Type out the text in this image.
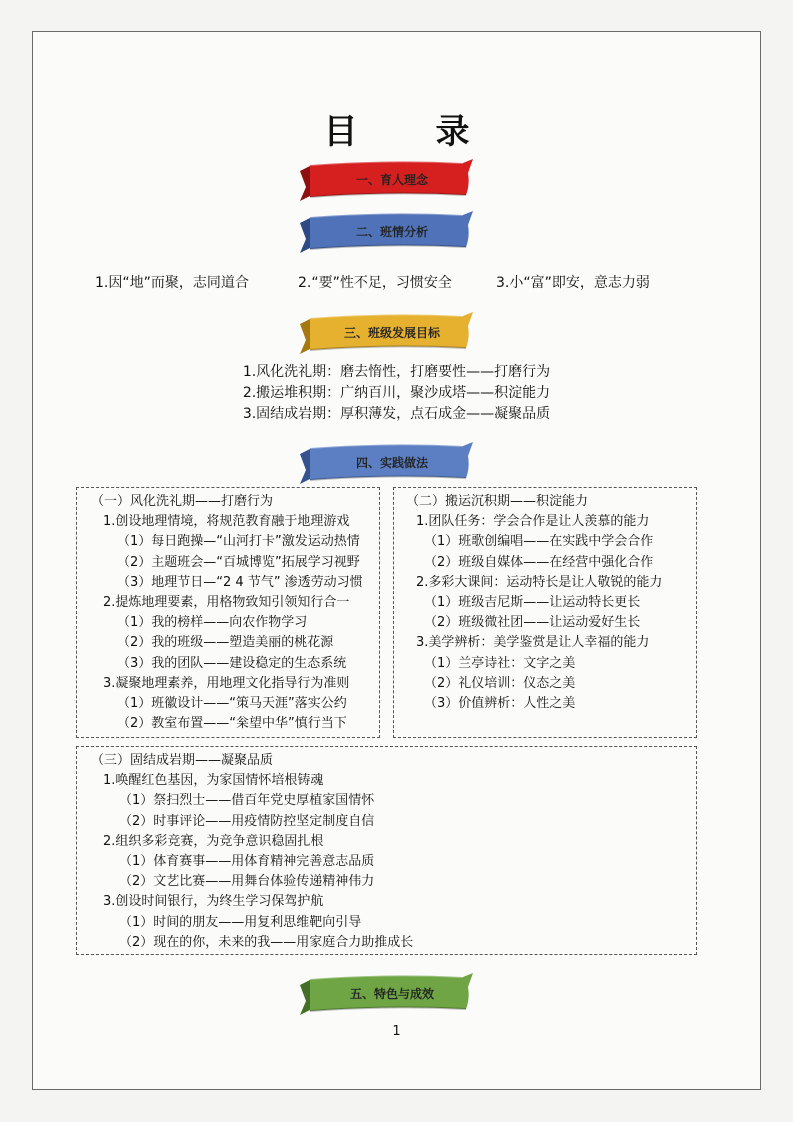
目　录
一、育人理念
二、班情分析
三、班级发展目标
四、实践做法
五、特色与成效
1.因“地”而聚，志同道合	2.“要”性不足，习惯安全	3.小“富”即安，意志力弱
1.风化洗礼期：磨去惰性，打磨要性——打磨行为
2.搬运堆积期：广纳百川，聚沙成塔——积淀能力
3.固结成岩期：厚积薄发，点石成金——凝聚品质
（一）风化洗礼期——打磨行为
1.创设地理情境，将规范教育融于地理游戏
（1）每日跑操—“山河打卡”激发运动热情
（2）主题班会—“百城博览”拓展学习视野
（3）地理节日—“2 4 节气” 渗透劳动习惯
2.提炼地理要素，用格物致知引领知行合一
（1）我的榜样——向农作物学习
（2）我的班级——塑造美丽的桃花源
（3）我的团队——建设稳定的生态系统
3.凝聚地理素养，用地理文化指导行为准则
（1）班徽设计——“策马天涯”落实公约
（2）教室布置——“枀望中华”慎行当下
（二）搬运沉积期——积淀能力
1.团队任务：学会合作是让人羡慕的能力
（1）班歌创编唱——在实践中学会合作
（2）班级自媒体——在经营中强化合作
2.多彩大课间：运动特长是让人敬锐的能力
（1）班级吉尼斯——让运动特长更长
（2）班级微社团——让运动爱好生长
3.美学辨析：美学鉴赏是让人幸福的能力
（1）兰亭诗社：文字之美
（2）礼仪培训：仪态之美
（3）价值辨析：人性之美
（三）固结成岩期——凝聚品质
1.唤醒红色基因，为家国情怀培根铸魂
（1）祭扫烈士——借百年党史厚植家国情怀
（2）时事评论——用疫情防控坚定制度自信
2.组织多彩竞赛，为竞争意识稳固扎根
（1）体育赛事——用体育精神完善意志品质
（2）文艺比赛——用舞台体验传递精神伟力
3.创设时间银行，为终生学习保驾护航
（1）时间的朋友——用复利思维靶向引导
（2）现在的你，未来的我——用家庭合力助推成长
1
